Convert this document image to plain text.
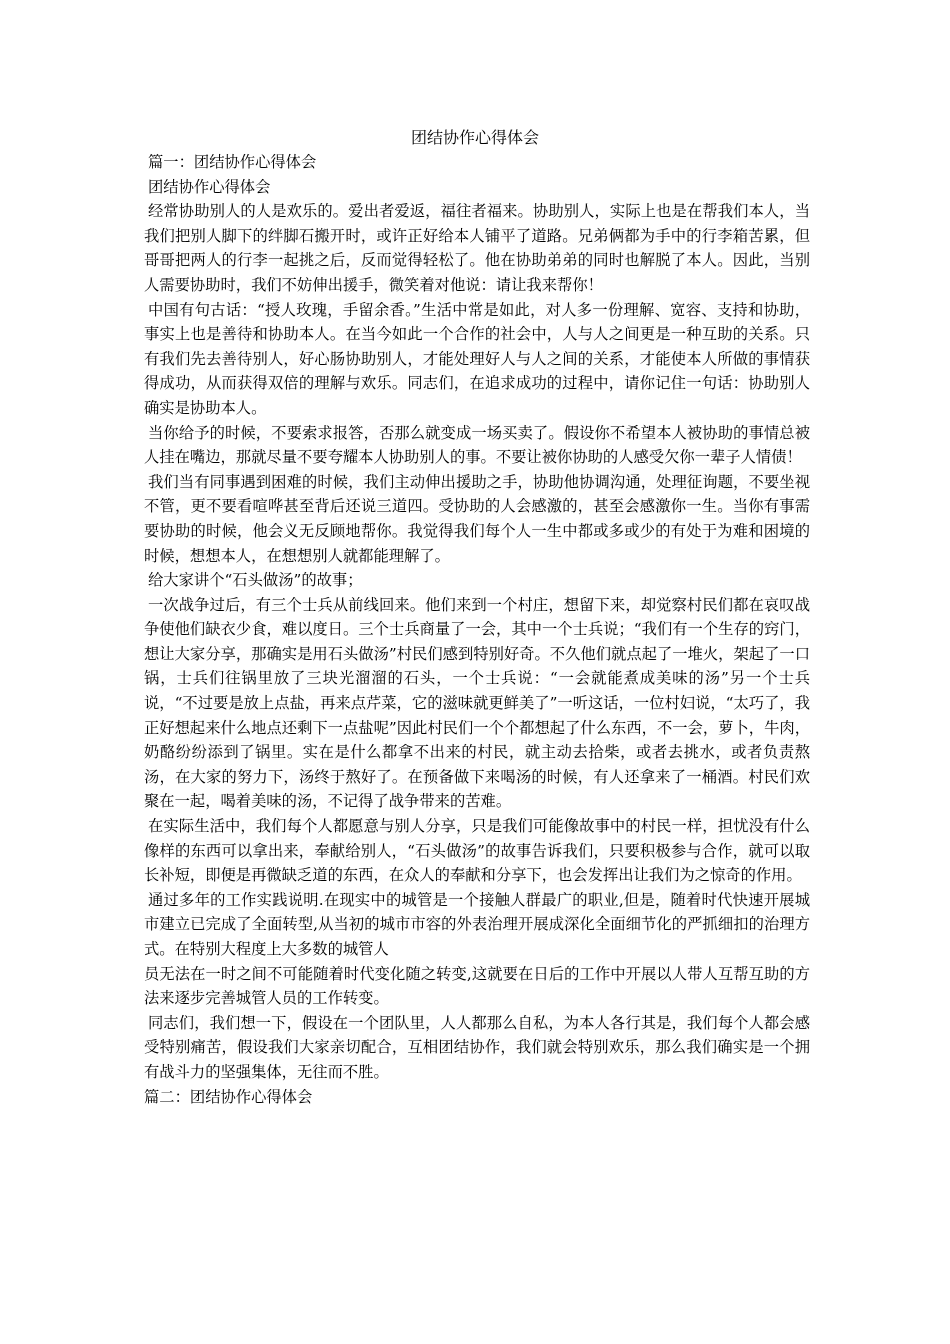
团结协作心得体会

篇一：团结协作心得体会

团结协作心得体会

经常协助别人的人是欢乐的。爱出者爱返，福往者福来。协助别人，实际上也是在帮我们本人，当我们把别人脚下的绊脚石搬开时，或许正好给本人铺平了道路。兄弟俩都为手中的行李箱苦累，但哥哥把两人的行李一起挑之后，反而觉得轻松了。他在协助弟弟的同时也解脱了本人。因此，当别人需要协助时，我们不妨伸出援手，微笑着对他说：请让我来帮你！

中国有句古话：“授人玫瑰，手留余香。”生活中常是如此，对人多一份理解、宽容、支持和协助，事实上也是善待和协助本人。在当今如此一个合作的社会中，人与人之间更是一种互助的关系。只有我们先去善待别人，好心肠协助别人，才能处理好人与人之间的关系，才能使本人所做的事情获得成功，从而获得双倍的理解与欢乐。同志们，在追求成功的过程中，请你记住一句话：协助别人确实是协助本人。

当你给予的时候，不要索求报答，否那么就变成一场买卖了。假设你不希望本人被协助的事情总被人挂在嘴边，那就尽量不要夸耀本人协助别人的事。不要让被你协助的人感受欠你一辈子人情债！

我们当有同事遇到困难的时候，我们主动伸出援助之手，协助他协调沟通，处理征询题，不要坐视不管，更不要看喧哗甚至背后还说三道四。受协助的人会感激的，甚至会感激你一生。当你有事需要协助的时候，他会义无反顾地帮你。我觉得我们每个人一生中都或多或少的有处于为难和困境的时候，想想本人，在想想别人就都能理解了。

给大家讲个“石头做汤”的故事；

一次战争过后，有三个士兵从前线回来。他们来到一个村庄，想留下来，却觉察村民们都在哀叹战争使他们缺衣少食，难以度日。三个士兵商量了一会，其中一个士兵说；“我们有一个生存的窍门，想让大家分享，那确实是用石头做汤”村民们感到特别好奇。不久他们就点起了一堆火，架起了一口锅，士兵们往锅里放了三块光溜溜的石头，一个士兵说：“一会就能煮成美味的汤”另一个士兵说，“不过要是放上点盐，再来点芹菜，它的滋味就更鲜美了”一听这话，一位村妇说，“太巧了，我正好想起来什么地点还剩下一点盐呢”因此村民们一个个都想起了什么东西，不一会，萝卜，牛肉，奶酪纷纷添到了锅里。实在是什么都拿不出来的村民，就主动去拾柴，或者去挑水，或者负责熬汤，在大家的努力下，汤终于熬好了。在预备做下来喝汤的时候，有人还拿来了一桶酒。村民们欢聚在一起，喝着美味的汤，不记得了战争带来的苦难。

在实际生活中，我们每个人都愿意与别人分享，只是我们可能像故事中的村民一样，担忧没有什么像样的东西可以拿出来，奉献给别人，“石头做汤”的故事告诉我们，只要积极参与合作，就可以取长补短，即便是再微缺乏道的东西，在众人的奉献和分享下，也会发挥出让我们为之惊奇的作用。

通过多年的工作实践说明.在现实中的城管是一个接触人群最广的职业,但是，随着时代快速开展城市建立已完成了全面转型,从当初的城市市容的外表治理开展成深化全面细节化的严抓细扣的治理方式。在特别大程度上大多数的城管人

员无法在一时之间不可能随着时代变化随之转变,这就要在日后的工作中开展以人带人互帮互助的方法来逐步完善城管人员的工作转变。

同志们，我们想一下，假设在一个团队里，人人都那么自私，为本人各行其是，我们每个人都会感受特别痛苦，假设我们大家亲切配合，互相团结协作，我们就会特别欢乐，那么我们确实是一个拥有战斗力的坚强集体，无往而不胜。

篇二：团结协作心得体会
